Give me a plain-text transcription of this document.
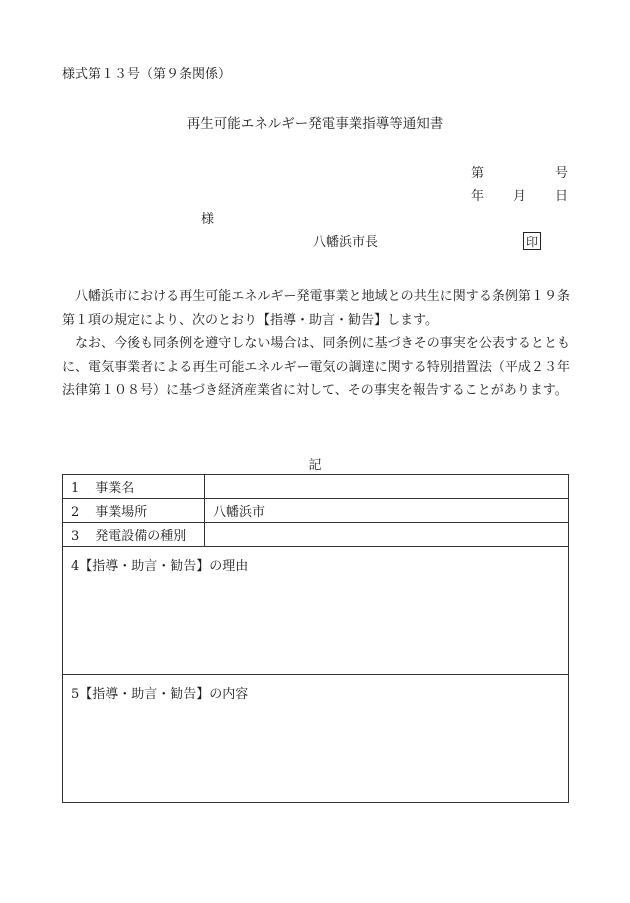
様式第１３号（第９条関係）
再生可能エネルギー発電事業指導等通知書
第	号
年 月 日
様
八幡浜市長	印

八幡浜市における再生可能エネルギー発電事業と地域との共生に関する条例第１９条第１項の規定により、次のとおり【指導・助言・勧告】します。

なお、今後も同条例を遵守しない場合は、同条例に基づきその事実を公表するとともに、電気事業者による再生可能エネルギー電気の調達に関する特別措置法（平成２３年法律第１０８号）に基づき経済産業省に対して、その事実を報告することがあります。

記
1 事業名	
2 事業場所	八幡浜市
3 発電設備の種別	
4【指導・助言・勧告】の理由	
5【指導・助言・勧告】の内容	
